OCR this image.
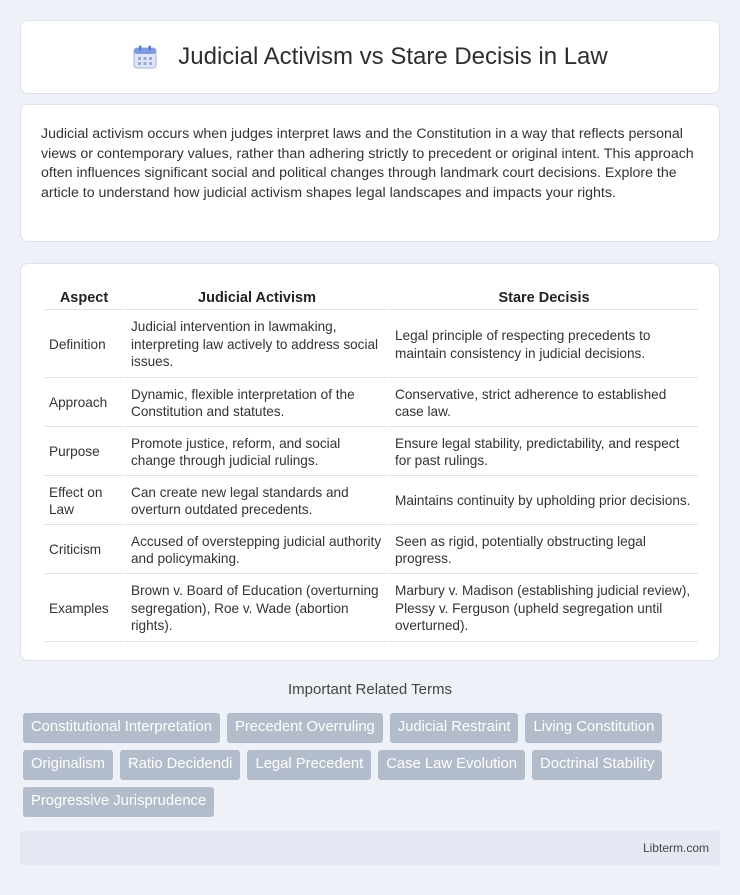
Judicial Activism vs Stare Decisis in Law

Judicial activism occurs when judges interpret laws and the Constitution in a way that reflects personal views or contemporary values, rather than adhering strictly to precedent or original intent. This approach often influences significant social and political changes through landmark court decisions. Explore the article to understand how judicial activism shapes legal landscapes and impacts your rights.

Aspect	Judicial Activism	Stare Decisis
Definition	Judicial intervention in lawmaking, interpreting law actively to address social issues.	Legal principle of respecting precedents to maintain consistency in judicial decisions.
Approach	Dynamic, flexible interpretation of the Constitution and statutes.	Conservative, strict adherence to established case law.
Purpose	Promote justice, reform, and social change through judicial rulings.	Ensure legal stability, predictability, and respect for past rulings.
Effect on Law	Can create new legal standards and overturn outdated precedents.	Maintains continuity by upholding prior decisions.
Criticism	Accused of overstepping judicial authority and policymaking.	Seen as rigid, potentially obstructing legal progress.
Examples	Brown v. Board of Education (overturning segregation), Roe v. Wade (abortion rights).	Marbury v. Madison (establishing judicial review), Plessy v. Ferguson (upheld segregation until overturned).
Important Related Terms
Constitutional Interpretation	Precedent Overruling	Judicial Restraint	Living Constitution
Originalism	Ratio Decidendi	Legal Precedent	Case Law Evolution	Doctrinal Stability
Progressive Jurisprudence
Libterm.com
